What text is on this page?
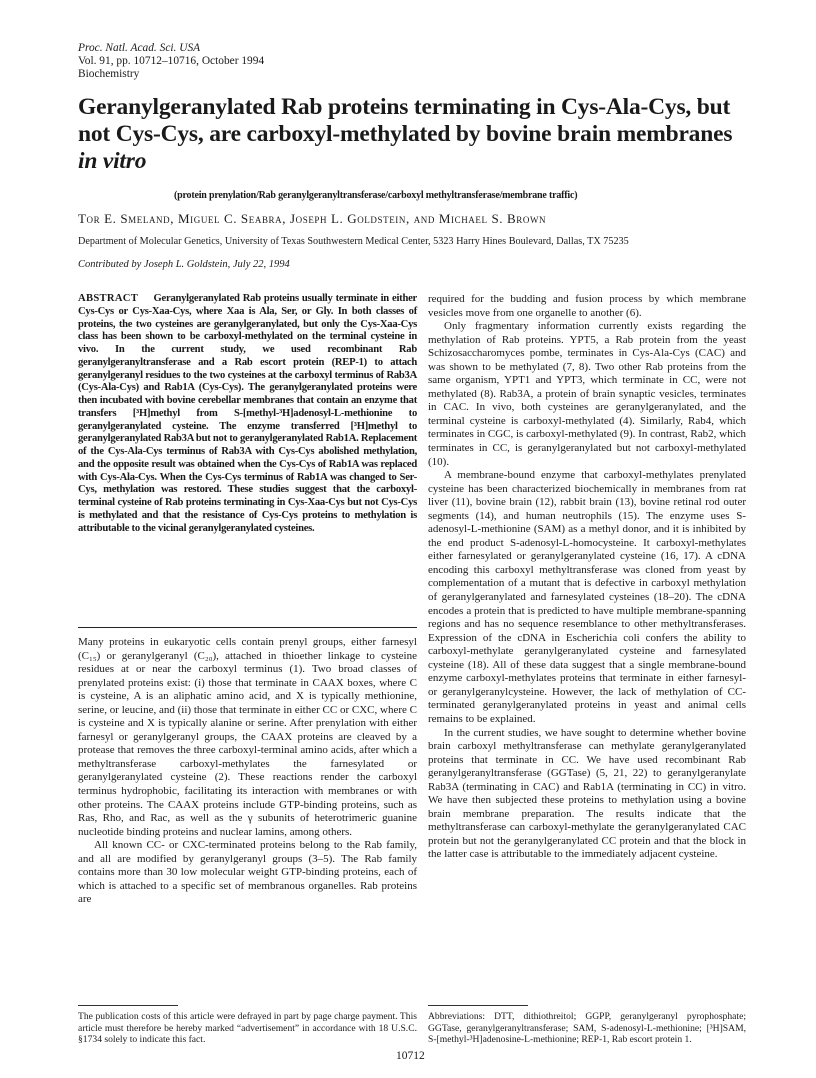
Proc. Natl. Acad. Sci. USA
Vol. 91, pp. 10712–10716, October 1994
Biochemistry
Geranylgeranylated Rab proteins terminating in Cys-Ala-Cys, but not Cys-Cys, are carboxyl-methylated by bovine brain membranes in vitro
(protein prenylation/Rab geranylgeranyltransferase/carboxyl methyltransferase/membrane traffic)
Tor E. Smeland, Miguel C. Seabra, Joseph L. Goldstein, and Michael S. Brown
Department of Molecular Genetics, University of Texas Southwestern Medical Center, 5323 Harry Hines Boulevard, Dallas, TX 75235
Contributed by Joseph L. Goldstein, July 22, 1994
ABSTRACT Geranylgeranylated Rab proteins usually terminate in either Cys-Cys or Cys-Xaa-Cys, where Xaa is Ala, Ser, or Gly. In both classes of proteins, the two cysteines are geranylgeranylated, but only the Cys-Xaa-Cys class has been shown to be carboxyl-methylated on the terminal cysteine in vivo. In the current study, we used recombinant Rab geranylgeranyltransferase and a Rab escort protein (REP-1) to attach geranylgeranyl residues to the two cysteines at the carboxyl terminus of Rab3A (Cys-Ala-Cys) and Rab1A (Cys-Cys). The geranylgeranylated proteins were then incubated with bovine cerebellar membranes that contain an enzyme that transfers [³H]methyl from S-[methyl-³H]adenosyl-L-methionine to geranylgeranylated cysteine. The enzyme transferred [³H]methyl to geranylgeranylated Rab3A but not to geranylgeranylated Rab1A. Replacement of the Cys-Ala-Cys terminus of Rab3A with Cys-Cys abolished methylation, and the opposite result was obtained when the Cys-Cys of Rab1A was replaced with Cys-Ala-Cys. When the Cys-Cys terminus of Rab1A was changed to Ser-Cys, methylation was restored. These studies suggest that the carboxyl-terminal cysteine of Rab proteins terminating in Cys-Xaa-Cys but not Cys-Cys is methylated and that the resistance of Cys-Cys proteins to methylation is attributable to the vicinal geranylgeranylated cysteines.

Many proteins in eukaryotic cells contain prenyl groups, either farnesyl (C₁₅) or geranylgeranyl (C₂₀), attached in thioether linkage to cysteine residues at or near the carboxyl terminus (1). Two broad classes of prenylated proteins exist: (i) those that terminate in CAAX boxes, where C is cysteine, A is an aliphatic amino acid, and X is typically methionine, serine, or leucine, and (ii) those that terminate in either CC or CXC, where C is cysteine and X is typically alanine or serine. After prenylation with either farnesyl or geranylgeranyl groups, the CAAX proteins are cleaved by a protease that removes the three carboxyl-terminal amino acids, after which a methyltransferase carboxyl-methylates the farnesylated or geranylgeranylated cysteine (2). These reactions render the carboxyl terminus hydrophobic, facilitating its interaction with membranes or with other proteins. The CAAX proteins include GTP-binding proteins, such as Ras, Rho, and Rac, as well as the γ subunits of heterotrimeric guanine nucleotide binding proteins and nuclear lamins, among others.

All known CC- or CXC-terminated proteins belong to the Rab family, and all are modified by geranylgeranyl groups (3–5). The Rab family contains more than 30 low molecular weight GTP-binding proteins, each of which is attached to a specific set of membranous organelles. Rab proteins are

required for the budding and fusion process by which membrane vesicles move from one organelle to another (6).

Only fragmentary information currently exists regarding the methylation of Rab proteins. YPT5, a Rab protein from the yeast Schizosaccharomyces pombe, terminates in Cys-Ala-Cys (CAC) and was shown to be methylated (7, 8). Two other Rab proteins from the same organism, YPT1 and YPT3, which terminate in CC, were not methylated (8). Rab3A, a protein of brain synaptic vesicles, terminates in CAC. In vivo, both cysteines are geranylgeranylated, and the terminal cysteine is carboxyl-methylated (4). Similarly, Rab4, which terminates in CGC, is carboxyl-methylated (9). In contrast, Rab2, which terminates in CC, is geranylgeranylated but not carboxyl-methylated (10).

A membrane-bound enzyme that carboxyl-methylates prenylated cysteine has been characterized biochemically in membranes from rat liver (11), bovine brain (12), rabbit brain (13), bovine retinal rod outer segments (14), and human neutrophils (15). The enzyme uses S-adenosyl-L-methionine (SAM) as a methyl donor, and it is inhibited by the end product S-adenosyl-L-homocysteine. It carboxyl-methylates either farnesylated or geranylgeranylated cysteine (16, 17). A cDNA encoding this carboxyl methyltransferase was cloned from yeast by complementation of a mutant that is defective in carboxyl methylation of geranylgeranylated and farnesylated cysteines (18–20). The cDNA encodes a protein that is predicted to have multiple membrane-spanning regions and has no sequence resemblance to other methyltransferases. Expression of the cDNA in Escherichia coli confers the ability to carboxyl-methylate geranylgeranylated cysteine and farnesylated cysteine (18). All of these data suggest that a single membrane-bound enzyme carboxyl-methylates proteins that terminate in either farnesyl- or geranylgeranylcysteine. However, the lack of methylation of CC-terminated geranylgeranylated proteins in yeast and animal cells remains to be explained.

In the current studies, we have sought to determine whether bovine brain carboxyl methyltransferase can methylate geranylgeranylated proteins that terminate in CC. We have used recombinant Rab geranylgeranyltransferase (GGTase) (5, 21, 22) to geranylgeranylate Rab3A (terminating in CAC) and Rab1A (terminating in CC) in vitro. We have then subjected these proteins to methylation using a bovine brain membrane preparation. The results indicate that the methyltransferase can carboxyl-methylate the geranylgeranylated CAC protein but not the geranylgeranylated CC protein and that the block in the latter case is attributable to the immediately adjacent cysteine.

The publication costs of this article were defrayed in part by page charge payment. This article must therefore be hereby marked “advertisement” in accordance with 18 U.S.C. §1734 solely to indicate this fact.
Abbreviations: DTT, dithiothreitol; GGPP, geranylgeranyl pyrophosphate; GGTase, geranylgeranyltransferase; SAM, S-adenosyl-L-methionine; [³H]SAM, S-[methyl-³H]adenosine-L-methionine; REP-1, Rab escort protein 1.
10712
